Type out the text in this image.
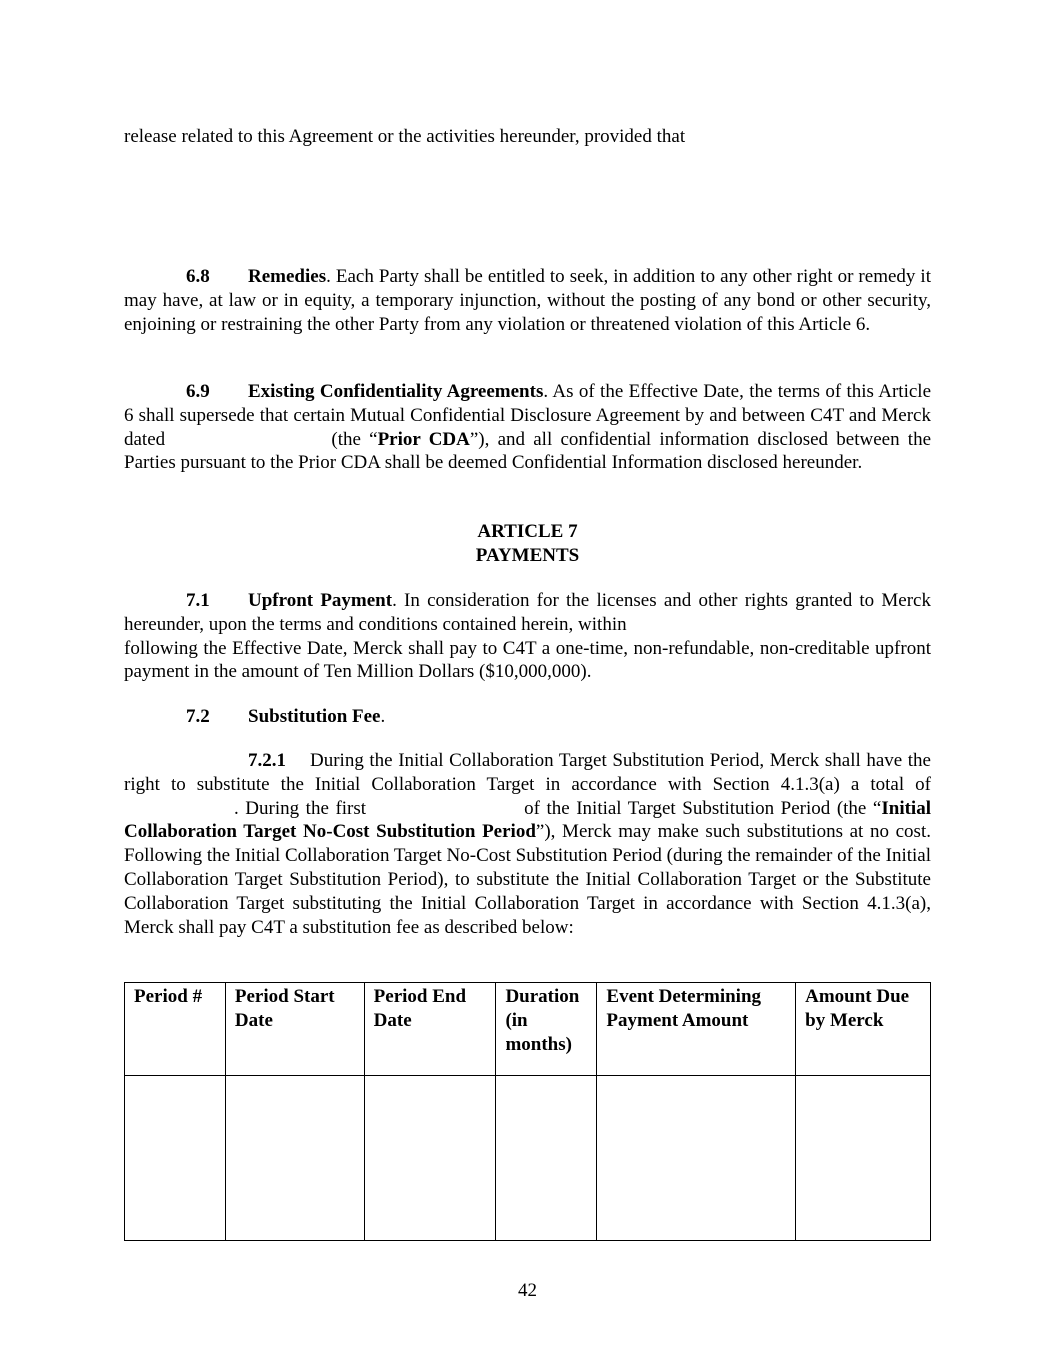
release related to this Agreement or the activities hereunder, provided that
6.8 Remedies. Each Party shall be entitled to seek, in addition to any other right or remedy it may have, at law or in equity, a temporary injunction, without the posting of any bond or other security, enjoining or restraining the other Party from any violation or threatened violation of this Article 6.
6.9 Existing Confidentiality Agreements. As of the Effective Date, the terms of this Article 6 shall supersede that certain Mutual Confidential Disclosure Agreement by and between C4T and Merck dated	(the “Prior CDA”), and all confidential information disclosed between the Parties pursuant to the Prior CDA shall be deemed Confidential Information disclosed hereunder.
ARTICLE 7
PAYMENTS
7.1 Upfront Payment. In consideration for the licenses and other rights granted to Merck hereunder, upon the terms and conditions contained herein, within
following the Effective Date, Merck shall pay to C4T a one-time, non-refundable, non-creditable upfront payment in the amount of Ten Million Dollars ($10,000,000).
7.2 Substitution Fee.
7.2.1 During the Initial Collaboration Target Substitution Period, Merck shall have the right to substitute the Initial Collaboration Target in accordance with Section 4.1.3(a) a total of. During the first	of the Initial Target Substitution Period (the “Initial Collaboration Target No-Cost Substitution Period”), Merck may make such substitutions at no cost. Following the Initial Collaboration Target No-Cost Substitution Period (during the remainder of the Initial Collaboration Target Substitution Period), to substitute the Initial Collaboration Target or the Substitute Collaboration Target substituting the Initial Collaboration Target in accordance with Section 4.1.3(a), Merck shall pay C4T a substitution fee as described below:
Period #	Period Start Date	Period End Date	Duration (in months)	Event Determining Payment Amount	Amount Due by Merck

42
